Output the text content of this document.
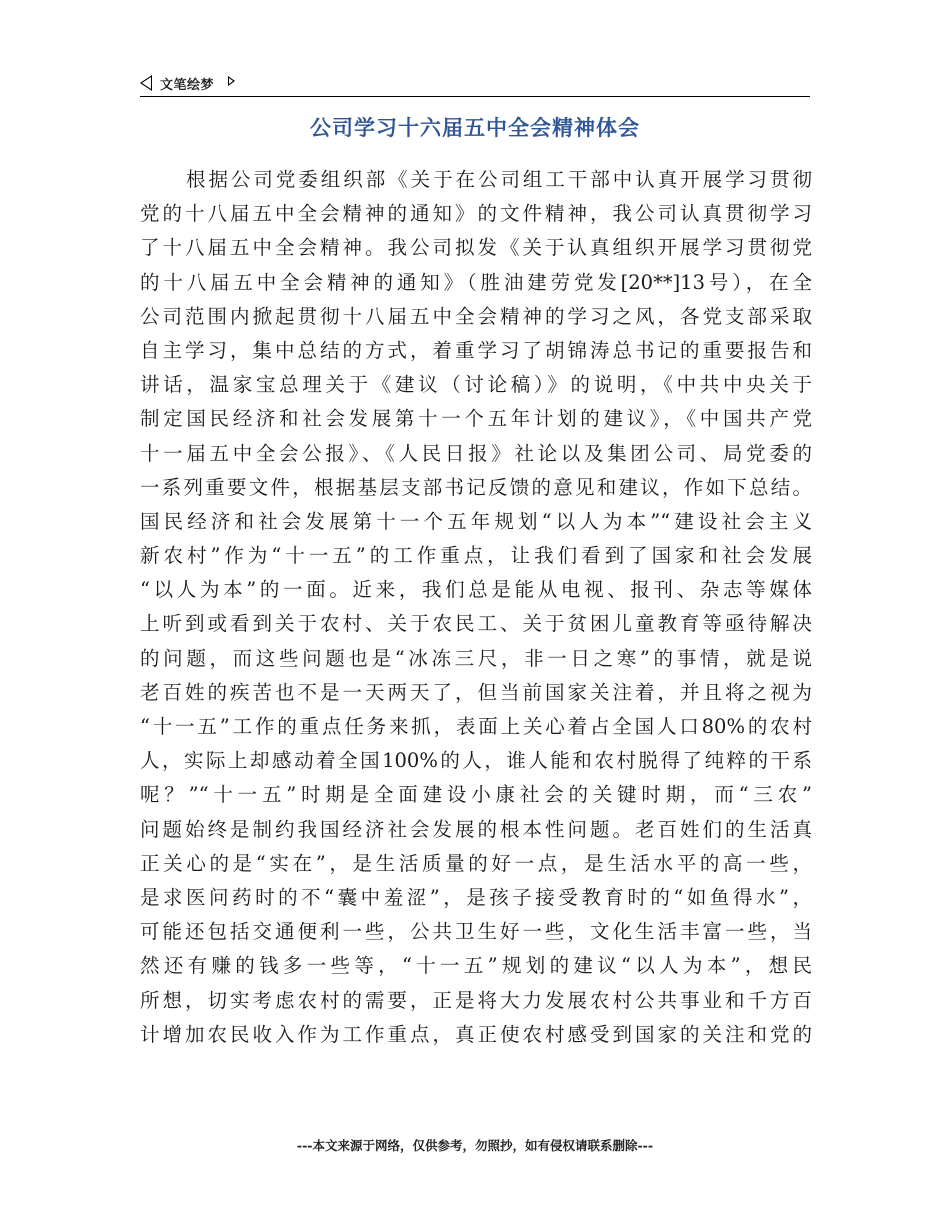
文笔绘梦
公司学习十六届五中全会精神体会
根据公司党委组织部《关于在公司组工干部中认真开展学习贯彻
党的十八届五中全会精神的通知》的文件精神，我公司认真贯彻学习
了十八届五中全会精神。我公司拟发《关于认真组织开展学习贯彻党
的十八届五中全会精神的通知》（胜油建劳党发[20**]13号），在全
公司范围内掀起贯彻十八届五中全会精神的学习之风，各党支部采取
自主学习，集中总结的方式，着重学习了胡锦涛总书记的重要报告和
讲话，温家宝总理关于《建议（讨论稿）》的说明，《中共中央关于
制定国民经济和社会发展第十一个五年计划的建议》，《中国共产党
十一届五中全会公报》、《人民日报》社论以及集团公司、局党委的
一系列重要文件，根据基层支部书记反馈的意见和建议，作如下总结。
国民经济和社会发展第十一个五年规划“以人为本”“建设社会主义
新农村”作为“十一五”的工作重点，让我们看到了国家和社会发展
“以人为本”的一面。近来，我们总是能从电视、报刊、杂志等媒体
上听到或看到关于农村、关于农民工、关于贫困儿童教育等亟待解决
的问题，而这些问题也是“冰冻三尺，非一日之寒”的事情，就是说
老百姓的疾苦也不是一天两天了，但当前国家关注着，并且将之视为
“十一五”工作的重点任务来抓，表面上关心着占全国人口80%的农村
人，实际上却感动着全国100%的人，谁人能和农村脱得了纯粹的干系
呢？”“十一五”时期是全面建设小康社会的关键时期，而“三农”
问题始终是制约我国经济社会发展的根本性问题。老百姓们的生活真
正关心的是“实在”，是生活质量的好一点，是生活水平的高一些，
是求医问药时的不“囊中羞涩”，是孩子接受教育时的“如鱼得水”，
可能还包括交通便利一些，公共卫生好一些，文化生活丰富一些，当
然还有赚的钱多一些等，“十一五”规划的建议“以人为本”，想民
所想，切实考虑农村的需要，正是将大力发展农村公共事业和千方百
计增加农民收入作为工作重点，真正使农村感受到国家的关注和党的
---本文来源于网络，仅供参考，勿照抄，如有侵权请联系删除---
